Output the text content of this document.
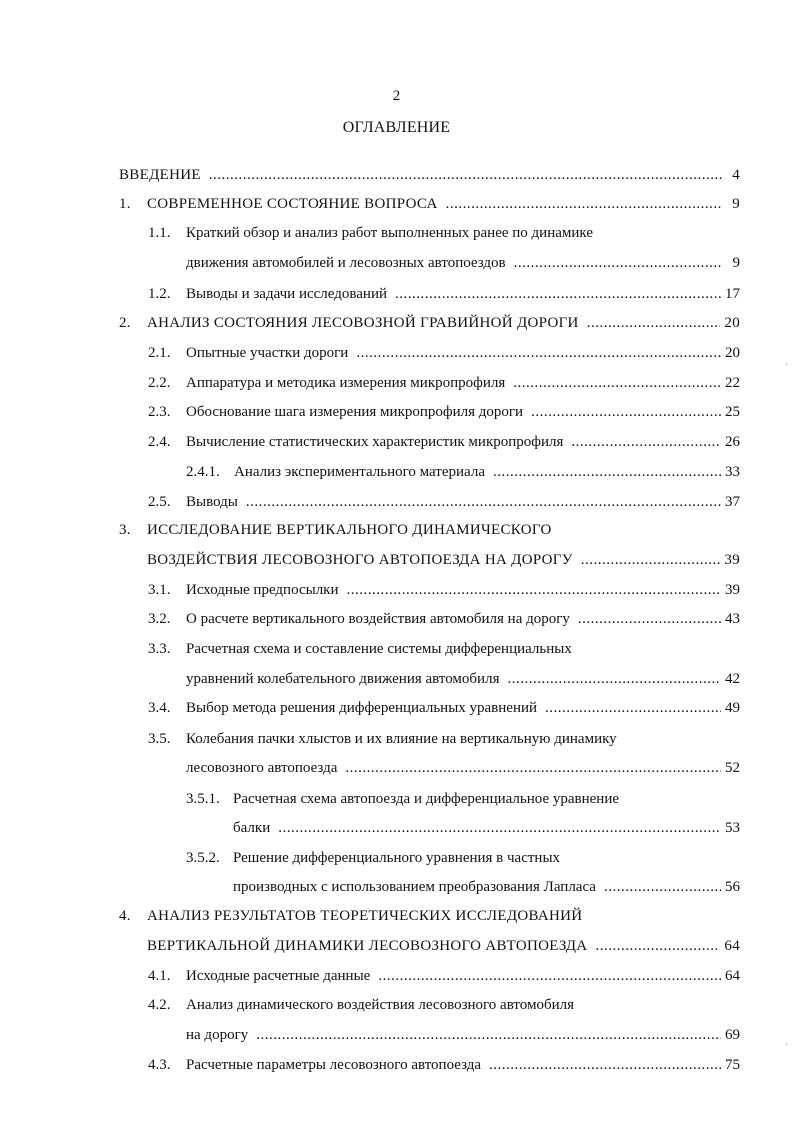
2
ОГЛАВЛЕНИЕ
ВВЕДЕНИЕ .....	4
1.	СОВРЕМЕННОЕ СОСТОЯНИЕ ВОПРОСА .....	9
1.1.	Краткий обзор и анализ работ выполненных ранее по динамике
движения автомобилей и лесовозных автопоездов .....	9
1.2.	Выводы и задачи исследований .....	17
2.	АНАЛИЗ СОСТОЯНИЯ ЛЕСОВОЗНОЙ ГРАВИЙНОЙ ДОРОГИ .....	20
2.1.	Опытные участки дороги .....	20
2.2.	Аппаратура и методика измерения микропрофиля .....	22
2.3.	Обоснование шага измерения микропрофиля дороги .....	25
2.4.	Вычисление статистических характеристик микропрофиля .....	26
2.4.1. Анализ экспериментального материала .....	33
2.5.	Выводы .....	37
3.	ИССЛЕДОВАНИЕ ВЕРТИКАЛЬНОГО ДИНАМИЧЕСКОГО
ВОЗДЕЙСТВИЯ ЛЕСОВОЗНОГО АВТОПОЕЗДА НА ДОРОГУ .....	39
3.1.	Исходные предпосылки .....	39
3.2.	О расчете вертикального воздействия автомобиля на дорогу .....	43
3.3.	Расчетная схема и составление системы дифференциальных
уравнений колебательного движения автомобиля .....	42
3.4.	Выбор метода решения дифференциальных уравнений .....	49
3.5.	Колебания пачки хлыстов и их влияние на вертикальную динамику
лесовозного автопоезда .....	52
3.5.1. Расчетная схема автопоезда и дифференциальное уравнение
балки .....	53
3.5.2. Решение дифференциального уравнения в частных
производных с использованием преобразования Лапласа .....	56
4.	АНАЛИЗ РЕЗУЛЬТАТОВ ТЕОРЕТИЧЕСКИХ ИССЛЕДОВАНИЙ
ВЕРТИКАЛЬНОЙ ДИНАМИКИ ЛЕСОВОЗНОГО АВТОПОЕЗДА .....	64
4.1.	Исходные расчетные данные .....	64
4.2.	Анализ динамического воздействия лесовозного автомобиля
на дорогу .....	69
4.3.	Расчетные параметры лесовозного автопоезда .....	75
·
·
